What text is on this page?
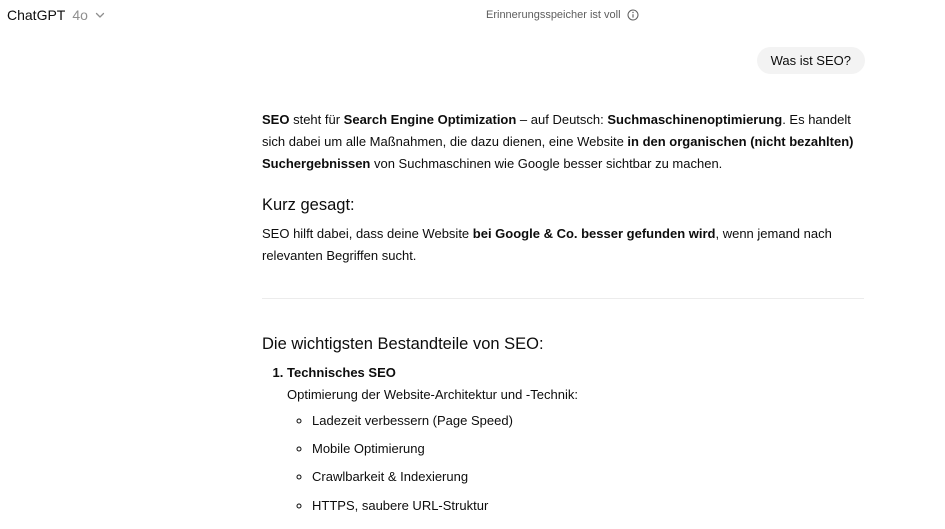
ChatGPT 4o	Erinnerungsspeicher ist voll
Was ist SEO?

SEO steht für Search Engine Optimization – auf Deutsch: Suchmaschinenoptimierung. Es handelt sich dabei um alle Maßnahmen, die dazu dienen, eine Website in den organischen (nicht bezahlten) Suchergebnissen von Suchmaschinen wie Google besser sichtbar zu machen.

Kurz gesagt:

SEO hilft dabei, dass deine Website bei Google & Co. besser gefunden wird, wenn jemand nach relevanten Begriffen sucht.

Die wichtigsten Bestandteile von SEO:
1. Technisches SEO
Optimierung der Website-Architektur und -Technik:
◦ Ladezeit verbessern (Page Speed)
◦ Mobile Optimierung
◦ Crawlbarkeit & Indexierung
◦ HTTPS, saubere URL-Struktur
